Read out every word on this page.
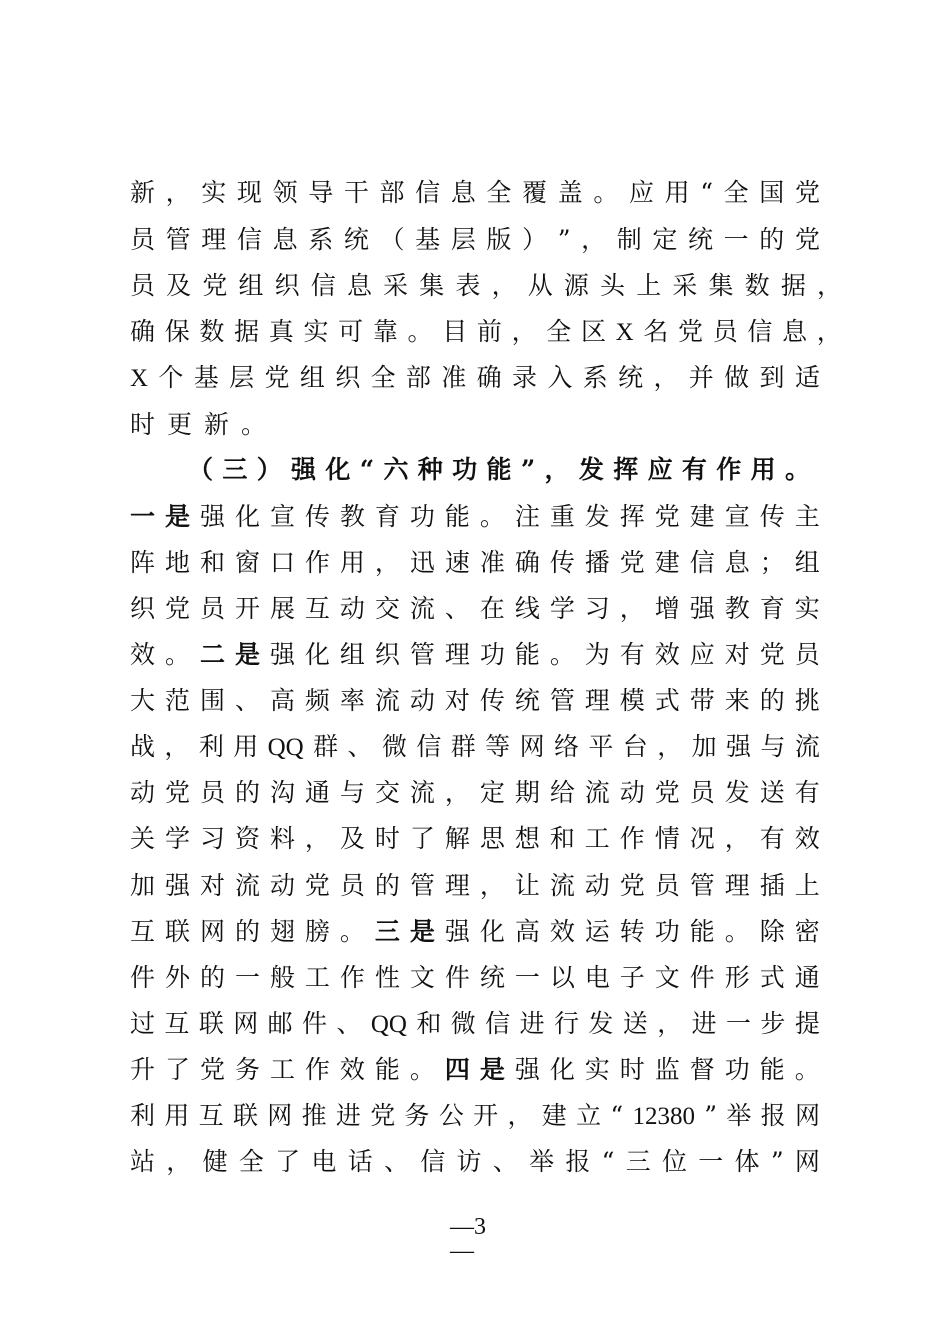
新 ， 实 现 领 导 干 部 信 息 全 覆 盖 。 应 用 “ 全 国 党
员 管 理 信 息 系 统 （ 基 层 版 ） ” ， 制 定 统 一 的 党
员 及 党 组 织 信 息 采 集 表 ， 从 源 头 上 采 集 数 据 ，
确 保 数 据 真 实 可 靠 。 目 前 ， 全 区 X 名 党 员 信 息 ，
X 个 基 层 党 组 织 全 部 准 确 录 入 系 统 ， 并 做 到 适
时 更 新 。
（ 三 ） 强 化 “ 六 种 功 能 ” ， 发 挥 应 有 作 用 。
一 是 强 化 宣 传 教 育 功 能 。 注 重 发 挥 党 建 宣 传 主
阵 地 和 窗 口 作 用 ， 迅 速 准 确 传 播 党 建 信 息 ； 组
织 党 员 开 展 互 动 交 流 、 在 线 学 习 ， 增 强 教 育 实
效 。 二 是 强 化 组 织 管 理 功 能 。 为 有 效 应 对 党 员
大 范 围 、 高 频 率 流 动 对 传 统 管 理 模 式 带 来 的 挑
战 ， 利 用 QQ 群 、 微 信 群 等 网 络 平 台 ， 加 强 与 流
动 党 员 的 沟 通 与 交 流 ， 定 期 给 流 动 党 员 发 送 有
关 学 习 资 料 ， 及 时 了 解 思 想 和 工 作 情 况 ， 有 效
加 强 对 流 动 党 员 的 管 理 ， 让 流 动 党 员 管 理 插 上
互 联 网 的 翅 膀 。 三 是 强 化 高 效 运 转 功 能 。 除 密
件 外 的 一 般 工 作 性 文 件 统 一 以 电 子 文 件 形 式 通
过 互 联 网 邮 件 、 QQ 和 微 信 进 行 发 送 ， 进 一 步 提
升 了 党 务 工 作 效 能 。 四 是 强 化 实 时 监 督 功 能 。
利 用 互 联 网 推 进 党 务 公 开 ， 建 立 “ 12380 ” 举 报 网
站 ， 健 全 了 电 话 、 信 访 、 举 报 “ 三 位 一 体 ” 网
—3
—
